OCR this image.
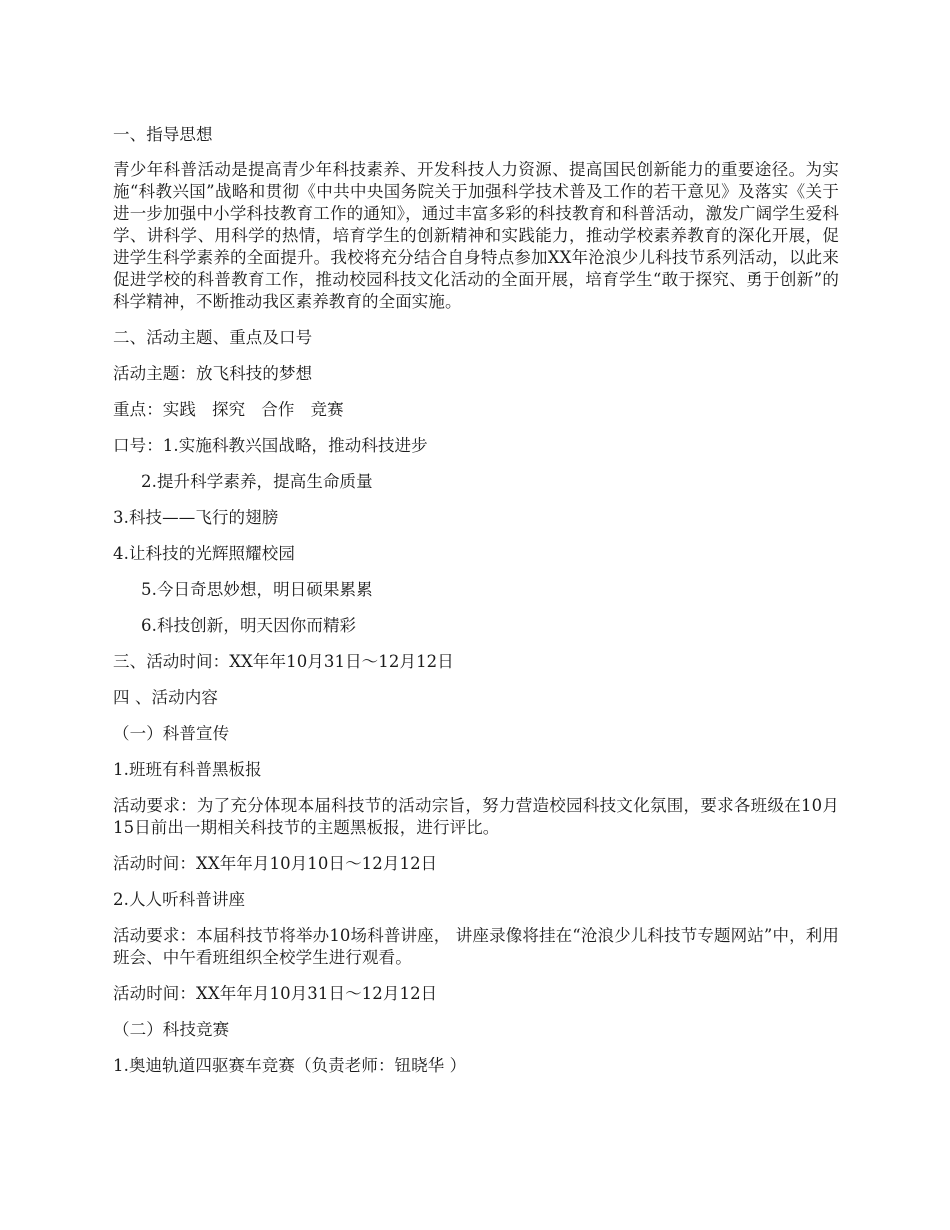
一、指导思想

青少年科普活动是提高青少年科技素养、开发科技人力资源、提高国民创新能力的重要途径。为实施“科教兴国”战略和贯彻《中共中央国务院关于加强科学技术普及工作的若干意见》及落实《关于进一步加强中小学科技教育工作的通知》，通过丰富多彩的科技教育和科普活动，激发广阔学生爱科学、讲科学、用科学的热情，培育学生的创新精神和实践能力，推动学校素养教育的深化开展，促进学生科学素养的全面提升。我校将充分结合自身特点参加XX年沧浪少儿科技节系列活动，以此来促进学校的科普教育工作，推动校园科技文化活动的全面开展，培育学生“敢于探究、勇于创新”的科学精神，不断推动我区素养教育的全面实施。

二、活动主题、重点及口号

活动主题：放飞科技的梦想

重点：实践   探究   合作   竞赛

口号：1.实施科教兴国战略，推动科技进步

2.提升科学素养，提高生命质量

3.科技——飞行的翅膀

4.让科技的光辉照耀校园

5.今日奇思妙想，明日硕果累累

6.科技创新，明天因你而精彩

三、活动时间：XX年年10月31日～12月12日

四 、活动内容

（一）科普宣传

1.班班有科普黑板报

活动要求：为了充分体现本届科技节的活动宗旨，努力营造校园科技文化氛围，要求各班级在10月15日前出一期相关科技节的主题黑板报，进行评比。

活动时间：XX年年月10月10日～12月12日

2.人人听科普讲座

活动要求：本届科技节将举办10场科普讲座， 讲座录像将挂在“沧浪少儿科技节专题网站”中，利用班会、中午看班组织全校学生进行观看。

活动时间：XX年年月10月31日～12月12日

（二）科技竞赛

1.奥迪轨道四驱赛车竞赛（负责老师：钮晓华 ）
